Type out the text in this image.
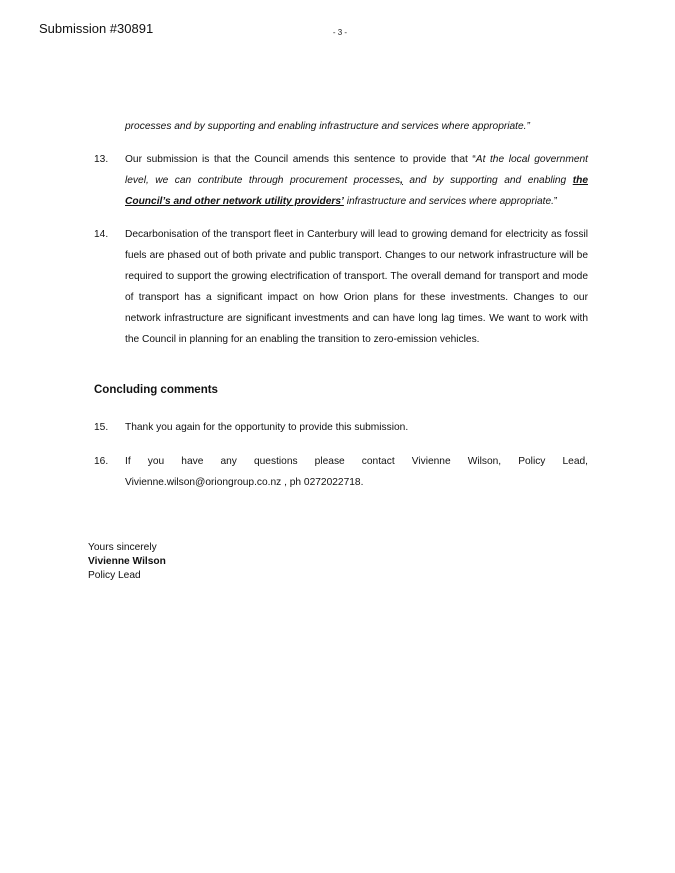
Submission #30891	- 3 -
processes and by supporting and enabling infrastructure and services where appropriate.”
13.	Our submission is that the Council amends this sentence to provide that “At the local government level, we can contribute through procurement processes, and by supporting and enabling the Council’s and other network utility providers’ infrastructure and services where appropriate.”
14.	Decarbonisation of the transport fleet in Canterbury will lead to growing demand for electricity as fossil fuels are phased out of both private and public transport. Changes to our network infrastructure will be required to support the growing electrification of transport. The overall demand for transport and mode of transport has a significant impact on how Orion plans for these investments. Changes to our network infrastructure are significant investments and can have long lag times. We want to work with the Council in planning for an enabling the transition to zero-emission vehicles.
Concluding comments
15.	Thank you again for the opportunity to provide this submission.
16.	If you have any questions please contact Vivienne Wilson, Policy Lead, Vivienne.wilson@oriongroup.co.nz , ph 0272022718.
Yours sincerely
Vivienne Wilson
Policy Lead
